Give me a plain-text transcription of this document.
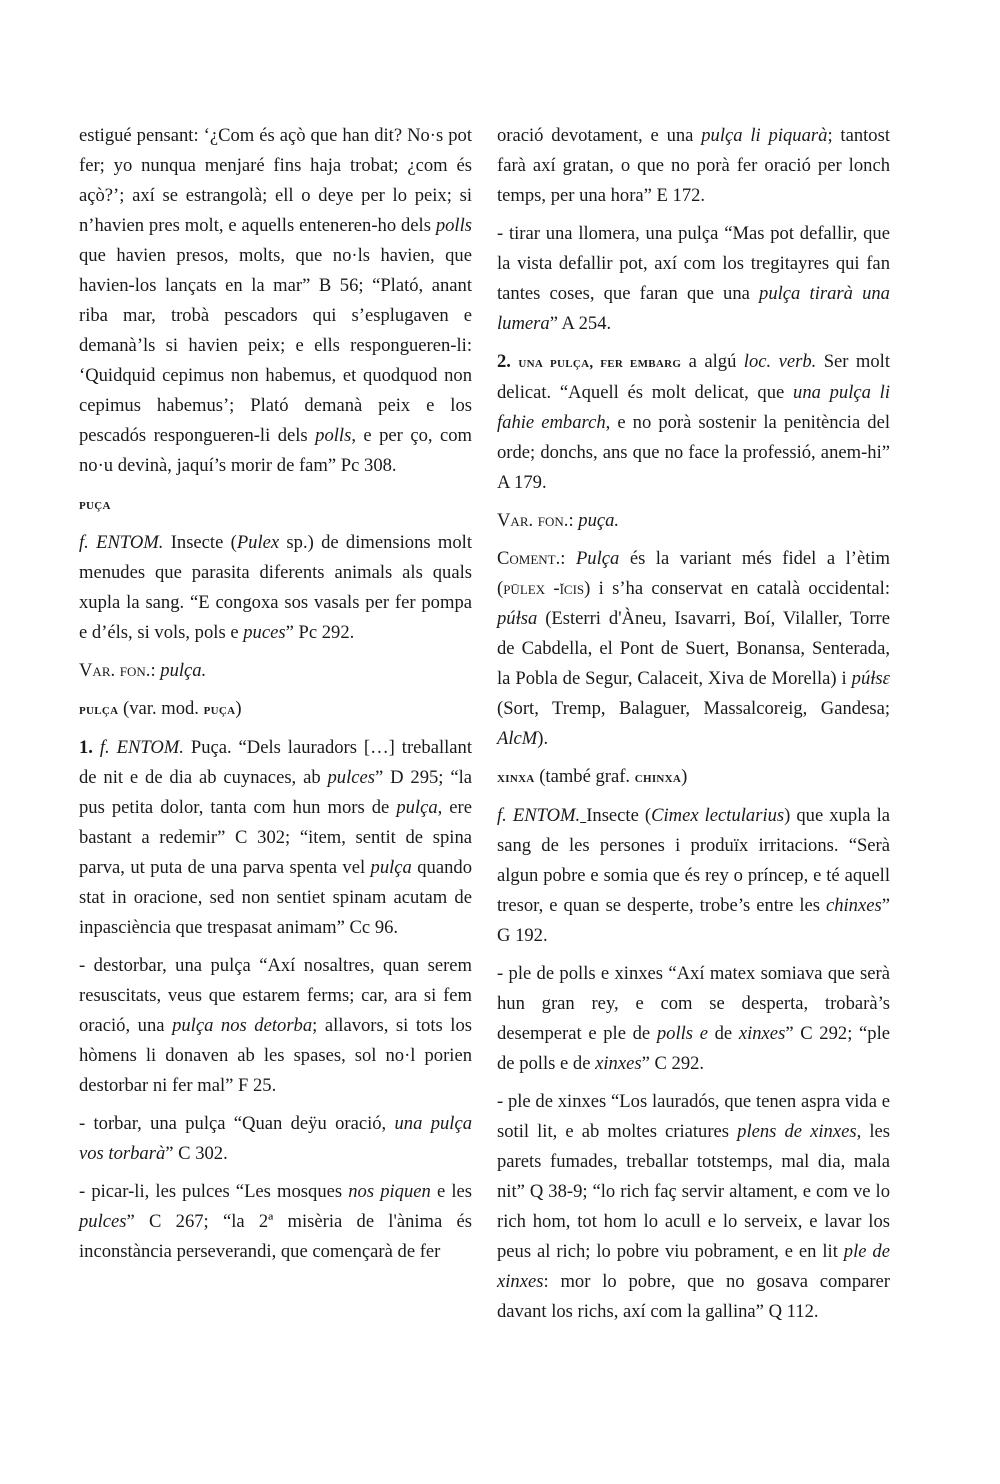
estigué pensant: ‘¿Com és açò que han dit? No·s pot fer; yo nunqua menjaré fins haja trobat; ¿com és açò?’; axí se estrangolà; ell o deye per lo peix; si n’havien pres molt, e aquells enteneren-ho dels polls que havien presos, molts, que no·ls havien, que havien-los lançats en la mar” B 56; “Plató, anant riba mar, trobà pescadors qui s’esplugaven e demanà’ls si havien peix; e ells respongueren-li: ‘Quidquid cepimus non habemus, et quodquod non cepimus habemus’; Plató demanà peix e los pescadós respongueren-li dels polls, e per ço, com no·u devinà, jaquí’s morir de fam” Pc 308.

puça

f. ENTOM. Insecte (Pulex sp.) de dimensions molt menudes que parasita diferents animals als quals xupla la sang. “E congoxa sos vasals per fer pompa e d’éls, si vols, pols e puces” Pc 292.

Var. fon.: pulça.

pulça (var. mod. puça)

1. f. ENTOM. Puça. “Dels lauradors […] treballant de nit e de dia ab cuynaces, ab pulces” D 295; “la pus petita dolor, tanta com hun mors de pulça, ere bastant a redemir” C 302; “item, sentit de spina parva, ut puta de una parva spenta vel pulça quando stat in oracione, sed non sentiet spinam acutam de inpasciència que trespasat animam” Cc 96.

- destorbar, una pulça “Axí nosaltres, quan serem resuscitats, veus que estarem ferms; car, ara si fem oració, una pulça nos detorba; allavors, si tots los hòmens li donaven ab les spases, sol no·l porien destorbar ni fer mal” F 25.

- torbar, una pulça “Quan deÿu oració, una pulça vos torbarà” C 302.

- picar-li, les pulces “Les mosques nos piquen e les pulces” C 267; “la 2ª misèria de l'ànima és inconstància perseverandi, que començarà de fer

oració devotament, e una pulça li piquarà; tantost farà axí gratan, o que no porà fer oració per lonch temps, per una hora” E 172.

- tirar una llomera, una pulça “Mas pot defallir, que la vista defallir pot, axí com los tregitayres qui fan tantes coses, que faran que una pulça tirarà una lumera” A 254.

2. una pulça, fer embarg a algú loc. verb. Ser molt delicat. “Aquell és molt delicat, que una pulça li fahie embarch, e no porà sostenir la penitència del orde; donchs, ans que no face la professió, anem-hi” A 179.

Var. fon.: puça.

Coment.: Pulça és la variant més fidel a l’ètim (pūlex -ĭcis) i s’ha conservat en català occidental: púɫsa (Esterri d'Àneu, Isavarri, Boí, Vilaller, Torre de Cabdella, el Pont de Suert, Bonansa, Senterada, la Pobla de Segur, Calaceit, Xiva de Morella) i púɫsɛ (Sort, Tremp, Balaguer, Massalcoreig, Gandesa; AlcM).

xinxa (també graf. chinxa)

f. ENTOM. Insecte (Cimex lectularius) que xupla la sang de les persones i produïx irritacions. “Serà algun pobre e somia que és rey o príncep, e té aquell tresor, e quan se desperte, trobe’s entre les chinxes” G 192.

- ple de polls e xinxes “Axí matex somiava que serà hun gran rey, e com se desperta, trobarà’s desemperat e ple de polls e de xinxes” C 292; “ple de polls e de xinxes” C 292.

- ple de xinxes “Los lauradós, que tenen aspra vida e sotil lit, e ab moltes criatures plens de xinxes, les parets fumades, treballar totstemps, mal dia, mala nit” Q 38-9; “lo rich faç servir altament, e com ve lo rich hom, tot hom lo acull e lo serveix, e lavar los peus al rich; lo pobre viu pobrament, e en lit ple de xinxes: mor lo pobre, que no gosava comparer davant los richs, axí com la gallina” Q 112.
